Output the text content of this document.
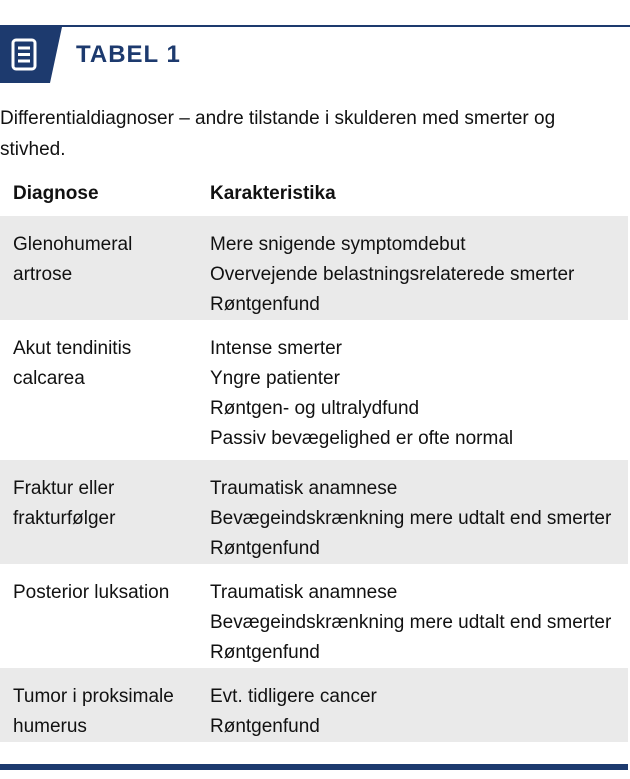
TABEL 1
Differentialdiagnoser – andre tilstande i skulderen med smerter og stivhed.
Diagnose	Karakteristika
Glenohumeral
artrose
Mere snigende symptomdebut
Overvejende belastningsrelaterede smerter
Røntgenfund
Akut tendinitis
calcarea
Intense smerter
Yngre patienter
Røntgen- og ultralydfund
Passiv bevægelighed er ofte normal
Fraktur eller
frakturfølger
Traumatisk anamnese
Bevægeindskrænkning mere udtalt end smerter
Røntgenfund
Posterior luksation	Traumatisk anamnese
Bevægeindskrænkning mere udtalt end smerter
Røntgenfund
Tumor i proksimale
humerus
Evt. tidligere cancer
Røntgenfund
